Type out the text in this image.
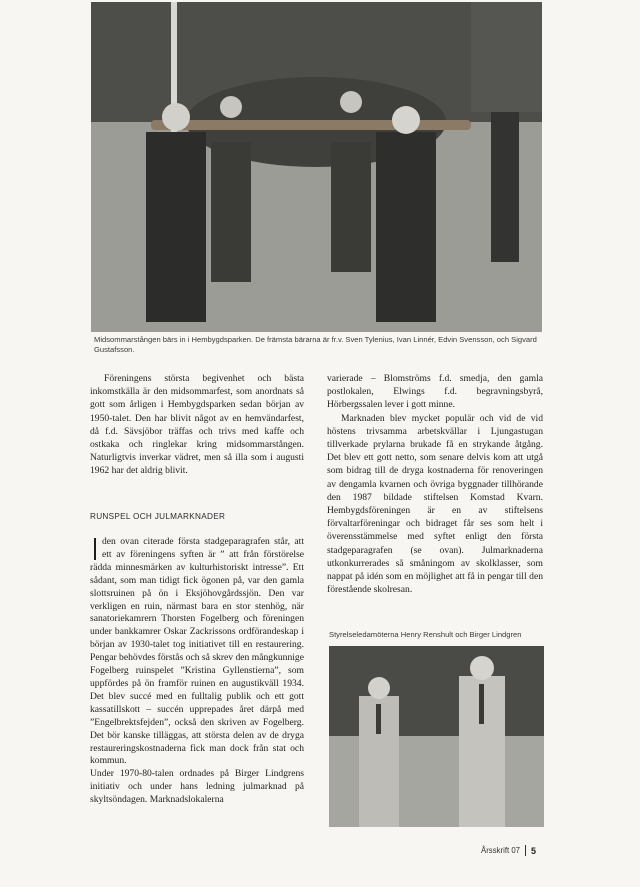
Midsommarstången bärs in i Hembygdsparken. De främsta bärarna är fr.v. Sven Tylenius, Ivan Linnér, Edvin Svensson, och Sigvard Gustafsson.

Föreningens största begivenhet och bästa inkomstkälla är den midsommarfest, som anordnats så gott som årligen i Hembygdsparken sedan början av 1950-talet. Den har blivit något av en hemvändarfest, då f.d. Sävsjöbor träffas och trivs med kaffe och ostkaka och ringlekar kring midsommarstången. Naturligtvis inverkar vädret, men så illa som i augusti 1962 har det aldrig blivit.

varierade – Blomströms f.d. smedja, den gamla postlokalen, Elwings f.d. begravningsbyrå, Hörbergssalen lever i gott minne.

Marknaden blev mycket populär och vid de vid höstens trivsamma arbetskvällar i Ljungastugan tillverkade prylarna brukade få en strykande åtgång. Det blev ett gott netto, som senare delvis kom att utgå som bidrag till de dryga kostnaderna för renoveringen av dengamla kvarnen och övriga byggnader tillhörande den 1987 bildade stiftelsen Komstad Kvarn. Hembygdsföreningen är en av stiftelsens förvaltarföreningar och bidraget får ses som helt i överensstämmelse med syftet enligt den första stadgeparagrafen (se ovan). Julmarknaderna utkonkurrerades så småningom av skolklasser, som nappat på idén som en möjlighet att få in pengar till den förestående skolresan.

RUNSPEL OCH JULMARKNADER

den ovan citerade första stadgeparagrafen står, att ett av föreningens syften är ” att från förstörelse rädda minnesmärken av kulturhistoriskt intresse”. Ett sådant, som man tidigt fick ögonen på, var den gamla slottsruinen på ön i Eksjöhovgårdssjön. Den var verkligen en ruin, närmast bara en stor stenhög, när sanatoriekamrern Thorsten Fogelberg och föreningen under bankkamrer Oskar Zackrissons ordförandeskap i början av 1930-talet tog initiativet till en restaurering. Pengar behövdes förstås och så skrev den mångkunnige Fogelberg ruinspelet ”Kristina Gyllenstierna”, som uppfördes på ön framför ruinen en augustikväll 1934. Det blev succé med en fulltalig publik och ett gott kassatillskott – succén upprepades året därpå med ”Engelbrektsfejden”, också den skriven av Fogelberg. Det bör kanske tilläggas, att största delen av de dryga restaureringskostnaderna fick man dock från stat och kommun.

Under 1970-80-talen ordnades på Birger Lindgrens initiativ och under hans ledning julmarknad på skyltsöndagen. Marknadslokalerna

Styrelseledamöterna Henry Renshult och Birger Lindgren
Årsskrift 07 5
